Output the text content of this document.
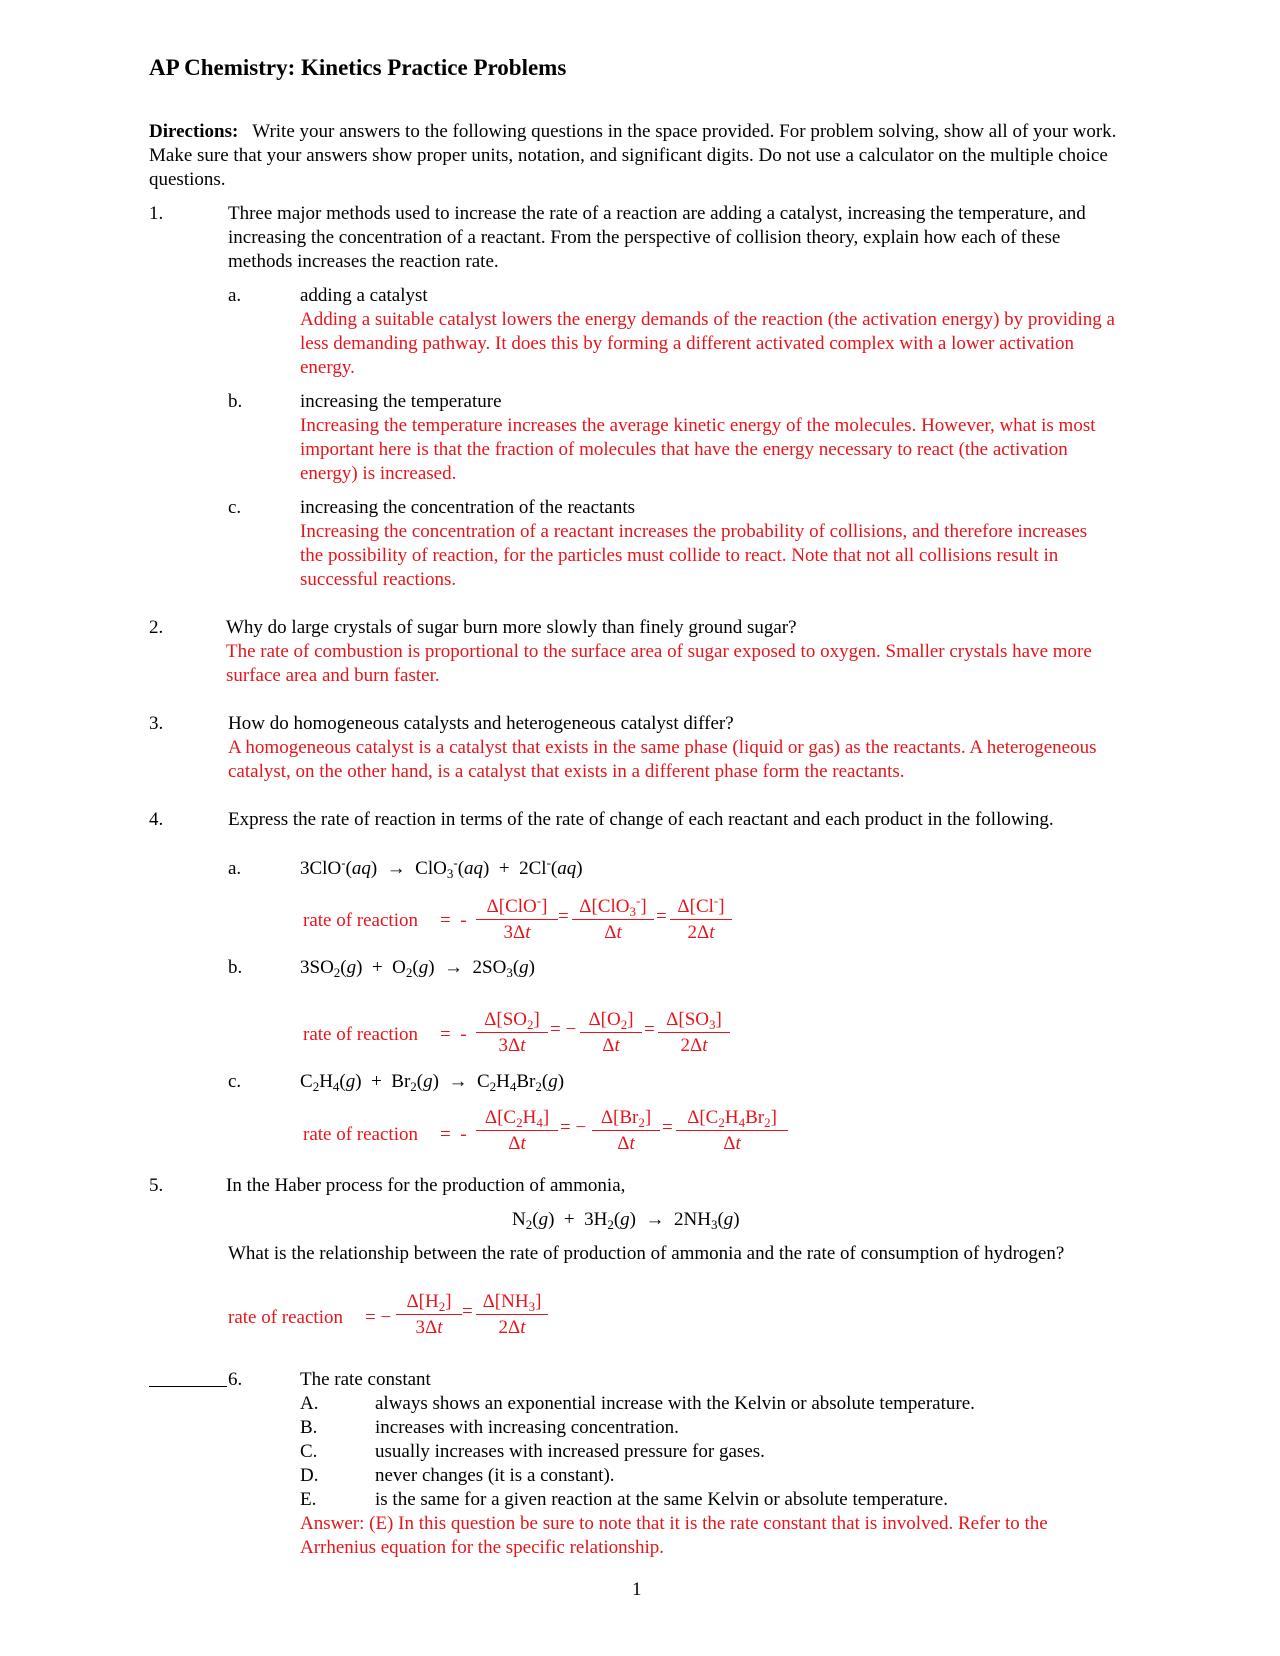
AP Chemistry: Kinetics Practice Problems
Directions: Write your answers to the following questions in the space provided. For problem solving, show all of your work. Make sure that your answers show proper units, notation, and significant digits. Do not use a calculator on the multiple choice questions.
1.	Three major methods used to increase the rate of a reaction are adding a catalyst, increasing the temperature, and increasing the concentration of a reactant. From the perspective of collision theory, explain how each of these methods increases the reaction rate.
a.	adding a catalyst
Adding a suitable catalyst lowers the energy demands of the reaction (the activation energy) by providing a less demanding pathway. It does this by forming a different activated complex with a lower activation energy.
b.	increasing the temperature
Increasing the temperature increases the average kinetic energy of the molecules. However, what is most important here is that the fraction of molecules that have the energy necessary to react (the activation energy) is increased.
c.	increasing the concentration of the reactants
Increasing the concentration of a reactant increases the probability of collisions, and therefore increases the possibility of reaction, for the particles must collide to react. Note that not all collisions result in successful reactions.
2.	Why do large crystals of sugar burn more slowly than finely ground sugar?
The rate of combustion is proportional to the surface area of sugar exposed to oxygen. Smaller crystals have more surface area and burn faster.
3.	How do homogeneous catalysts and heterogeneous catalyst differ?
A homogeneous catalyst is a catalyst that exists in the same phase (liquid or gas) as the reactants. A heterogeneous catalyst, on the other hand, is a catalyst that exists in a different phase form the reactants.
4.	Express the rate of reaction in terms of the rate of change of each reactant and each product in the following.
a.	3ClO-(aq)  →  ClO$_3$-(aq)  +  2Cl-(aq)
rate of reaction =  -
Δ[ClO-]
3Δt
= Δ[ClO$_3$-]
Δt
= $\frac{\Delta[Cl^-]}{2\Delta t}$
b.	$3SO_2(g) + O_2(g) \to 2SO_3(g)$
rate of reaction =  - $\frac{\Delta[SO_2]}{3\Delta t}$ = − $\frac{\Delta[O_2]}{\Delta t} = \frac{\Delta[SO_3]}{2\Delta t}$
c.	$C_2H_4(g) + Br_2(g) \to C_2H_4Br_2(g)$
rate of reaction =  - $\frac{\Delta[C_2H_4]}{\Delta t}$ = − $\frac{\Delta[Br_2]}{\Delta t} = \frac{\Delta[C_2H_4Br_2]}{\Delta t}$
5.	In the Haber process for the production of ammonia,
$N_2(g) + 3H_2(g) \to 2NH_3(g)$
What is the relationship between the rate of production of ammonia and the rate of consumption of hydrogen?
rate of reaction = − $\frac{\Delta[H_2]}{3\Delta t} = \frac{\Delta[NH_3]}{2\Delta t}$
6.	The rate constant
A.	always shows an exponential increase with the Kelvin or absolute temperature.
B.	increases with increasing concentration.
C.	usually increases with increased pressure for gases.
D.	never changes (it is a constant).
E.	is the same for a given reaction at the same Kelvin or absolute temperature.
Answer: (E) In this question be sure to note that it is the rate constant that is involved. Refer to the Arrhenius equation for the specific relationship.
1
